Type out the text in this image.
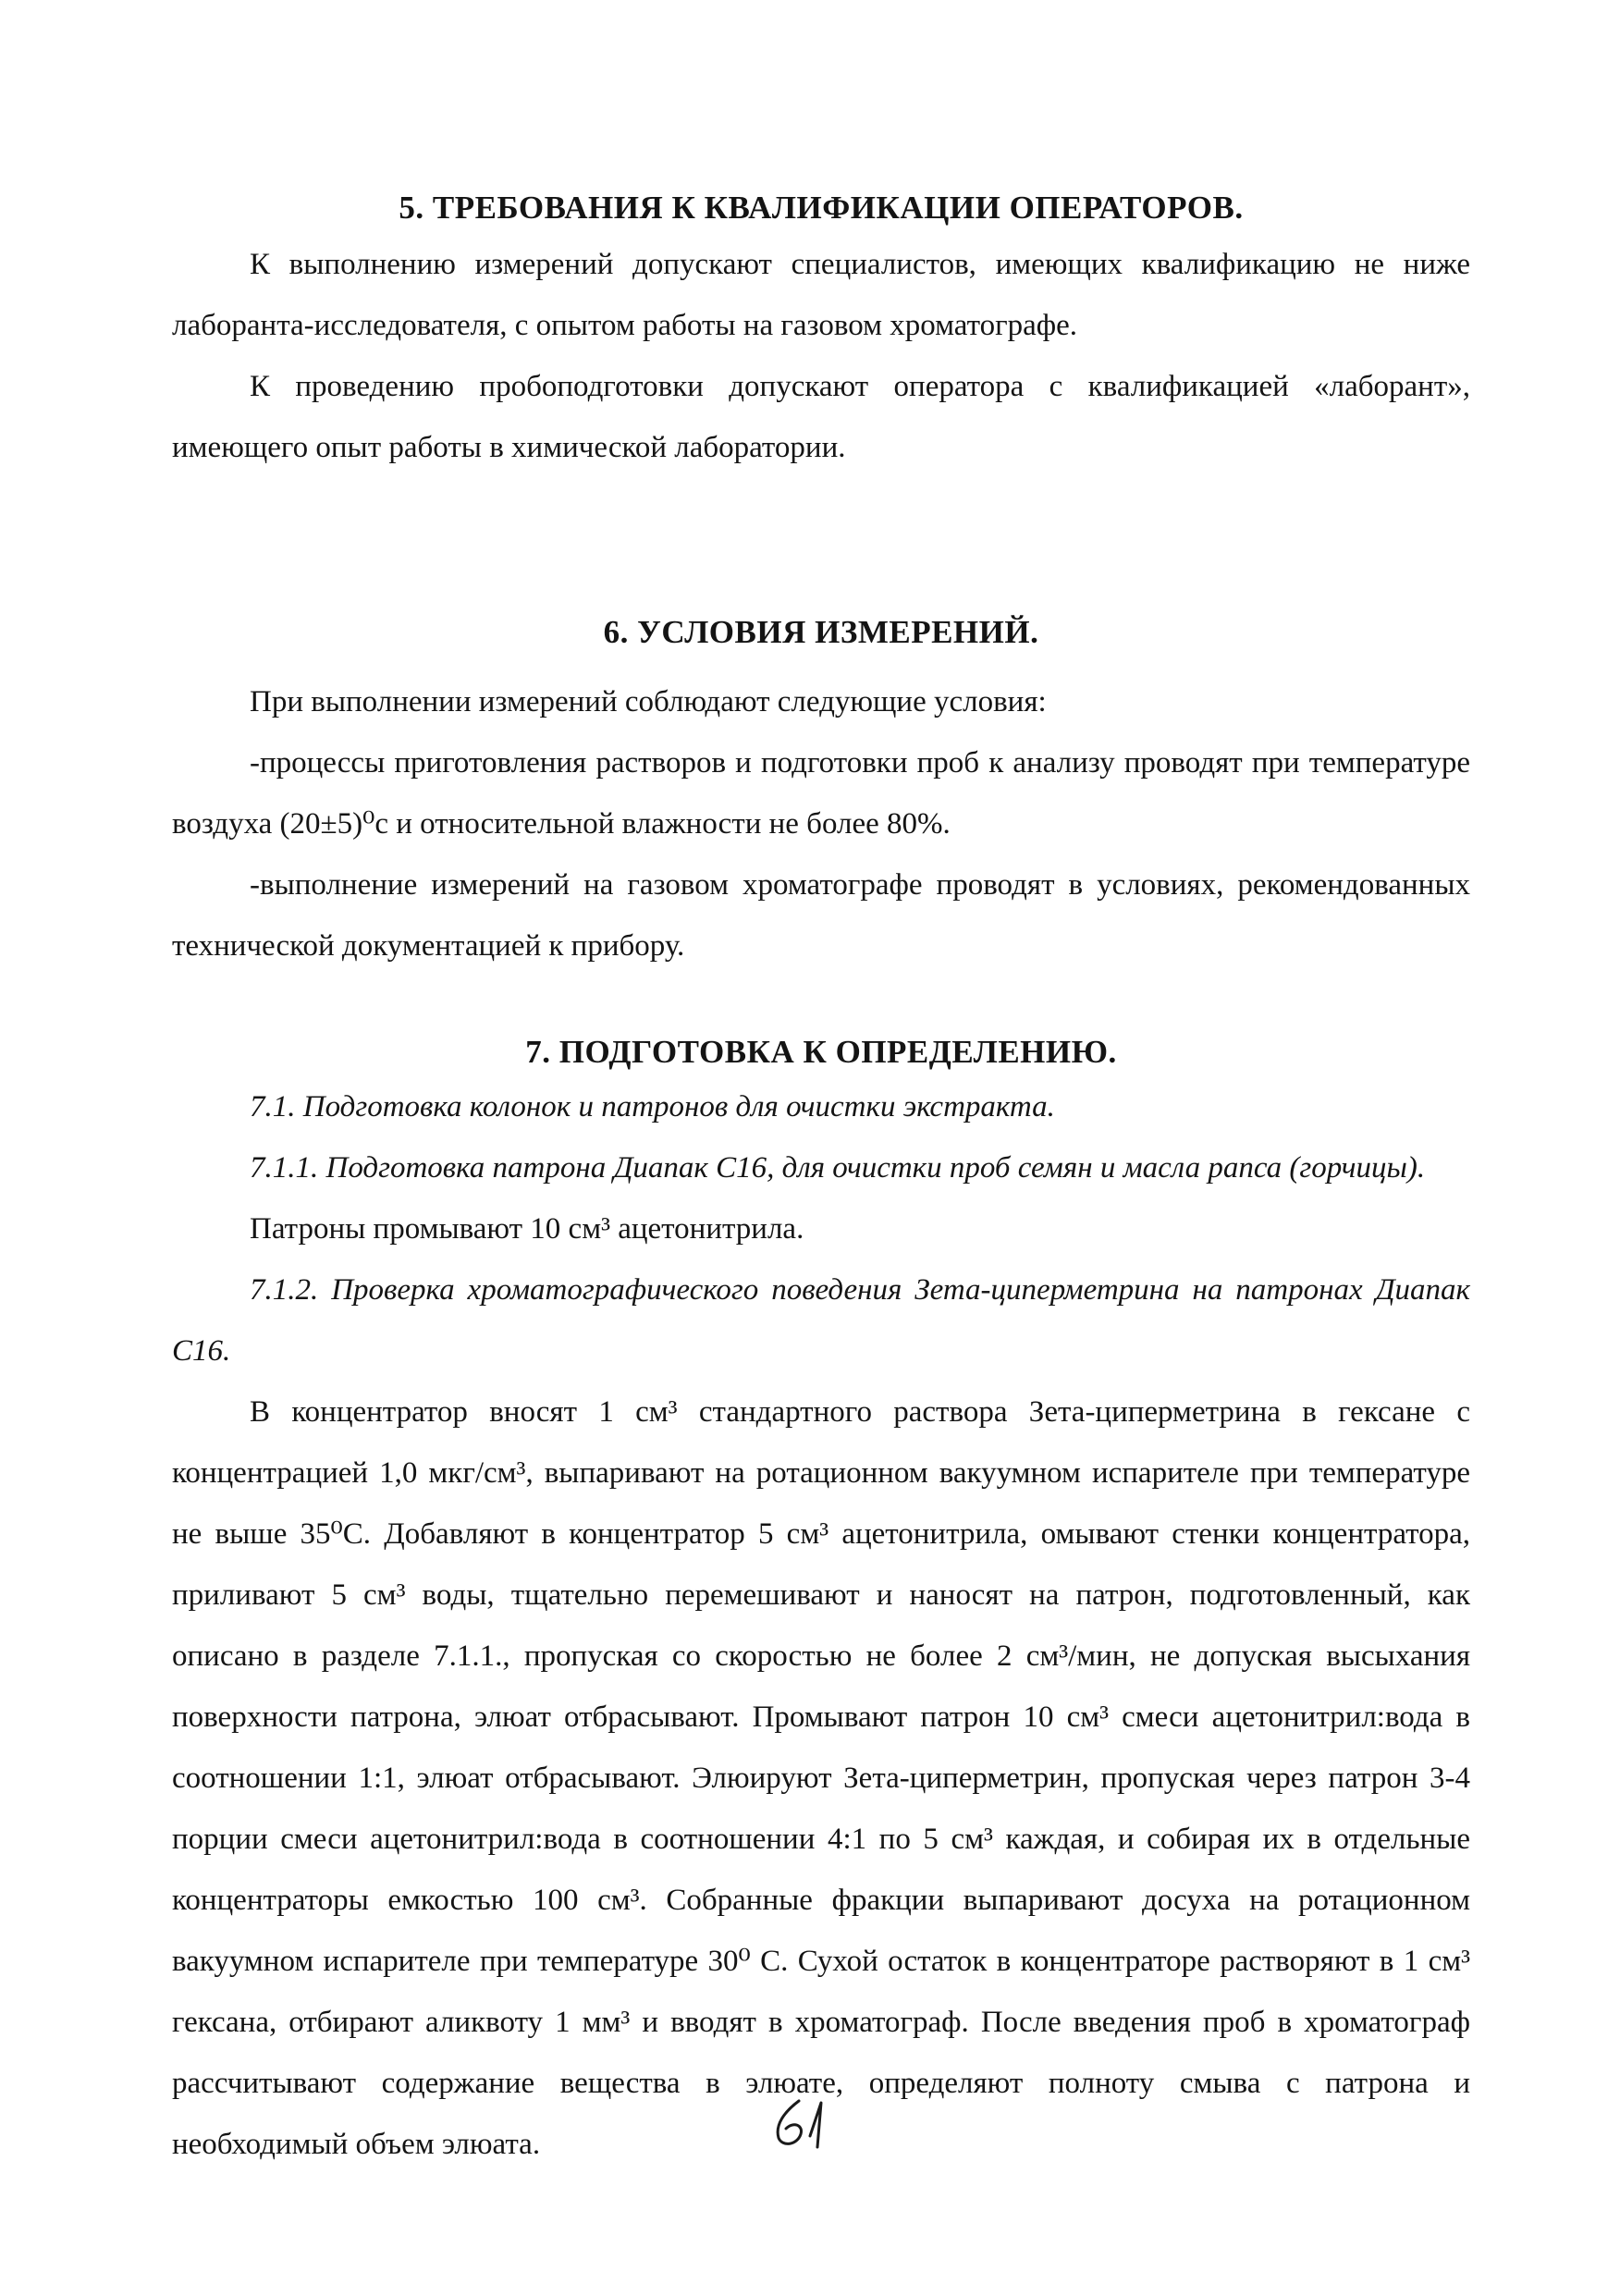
5. ТРЕБОВАНИЯ К КВАЛИФИКАЦИИ ОПЕРАТОРОВ.

К выполнению измерений допускают специалистов, имеющих квалификацию не ниже лаборанта-исследователя, с опытом работы на газовом хроматографе.

К проведению пробоподготовки допускают оператора с квалификацией «лаборант», имеющего опыт работы в химической лаборатории.

6. УСЛОВИЯ ИЗМЕРЕНИЙ.

При выполнении измерений соблюдают следующие условия:

-процессы приготовления растворов и подготовки проб к анализу проводят при температуре воздуха (20±5)⁰с и относительной влажности не более 80%.

-выполнение измерений на газовом хроматографе проводят в условиях, рекомендованных технической документацией к прибору.

7. ПОДГОТОВКА К ОПРЕДЕЛЕНИЮ.

7.1. Подготовка колонок и патронов для очистки экстракта.

7.1.1. Подготовка патрона Диапак С16, для очистки проб семян и масла рапса (горчицы).

Патроны промывают 10 см³ ацетонитрила.

7.1.2. Проверка хроматографического поведения Зета-циперметрина на патронах Диапак С16.

В концентратор вносят 1 см³ стандартного раствора Зета-циперметрина в гексане с концентрацией 1,0 мкг/см³, выпаривают на ротационном вакуумном испарителе при температуре не выше 35⁰С. Добавляют в концентратор 5 см³ ацетонитрила, омывают стенки концентратора, приливают 5 см³ воды, тщательно перемешивают и наносят на патрон, подготовленный, как описано в разделе 7.1.1., пропуская со скоростью не более 2 см³/мин, не допуская высыхания поверхности патрона, элюат отбрасывают. Промывают патрон 10 см³ смеси ацетонитрил:вода в соотношении 1:1, элюат отбрасывают. Элюируют Зета-циперметрин, пропуская через патрон 3-4 порции смеси ацетонитрил:вода в соотношении 4:1 по 5 см³ каждая, и собирая их в отдельные концентраторы емкостью 100 см³. Собранные фракции выпаривают досуха на ротационном вакуумном испарителе при температуре 30⁰ С. Сухой остаток в концентраторе растворяют в 1 см³ гексана, отбирают аликвоту 1 мм³ и вводят в хроматограф. После введения проб в хроматограф рассчитывают содержание вещества в элюате, определяют полноту смыва с патрона и необходимый объем элюата.
